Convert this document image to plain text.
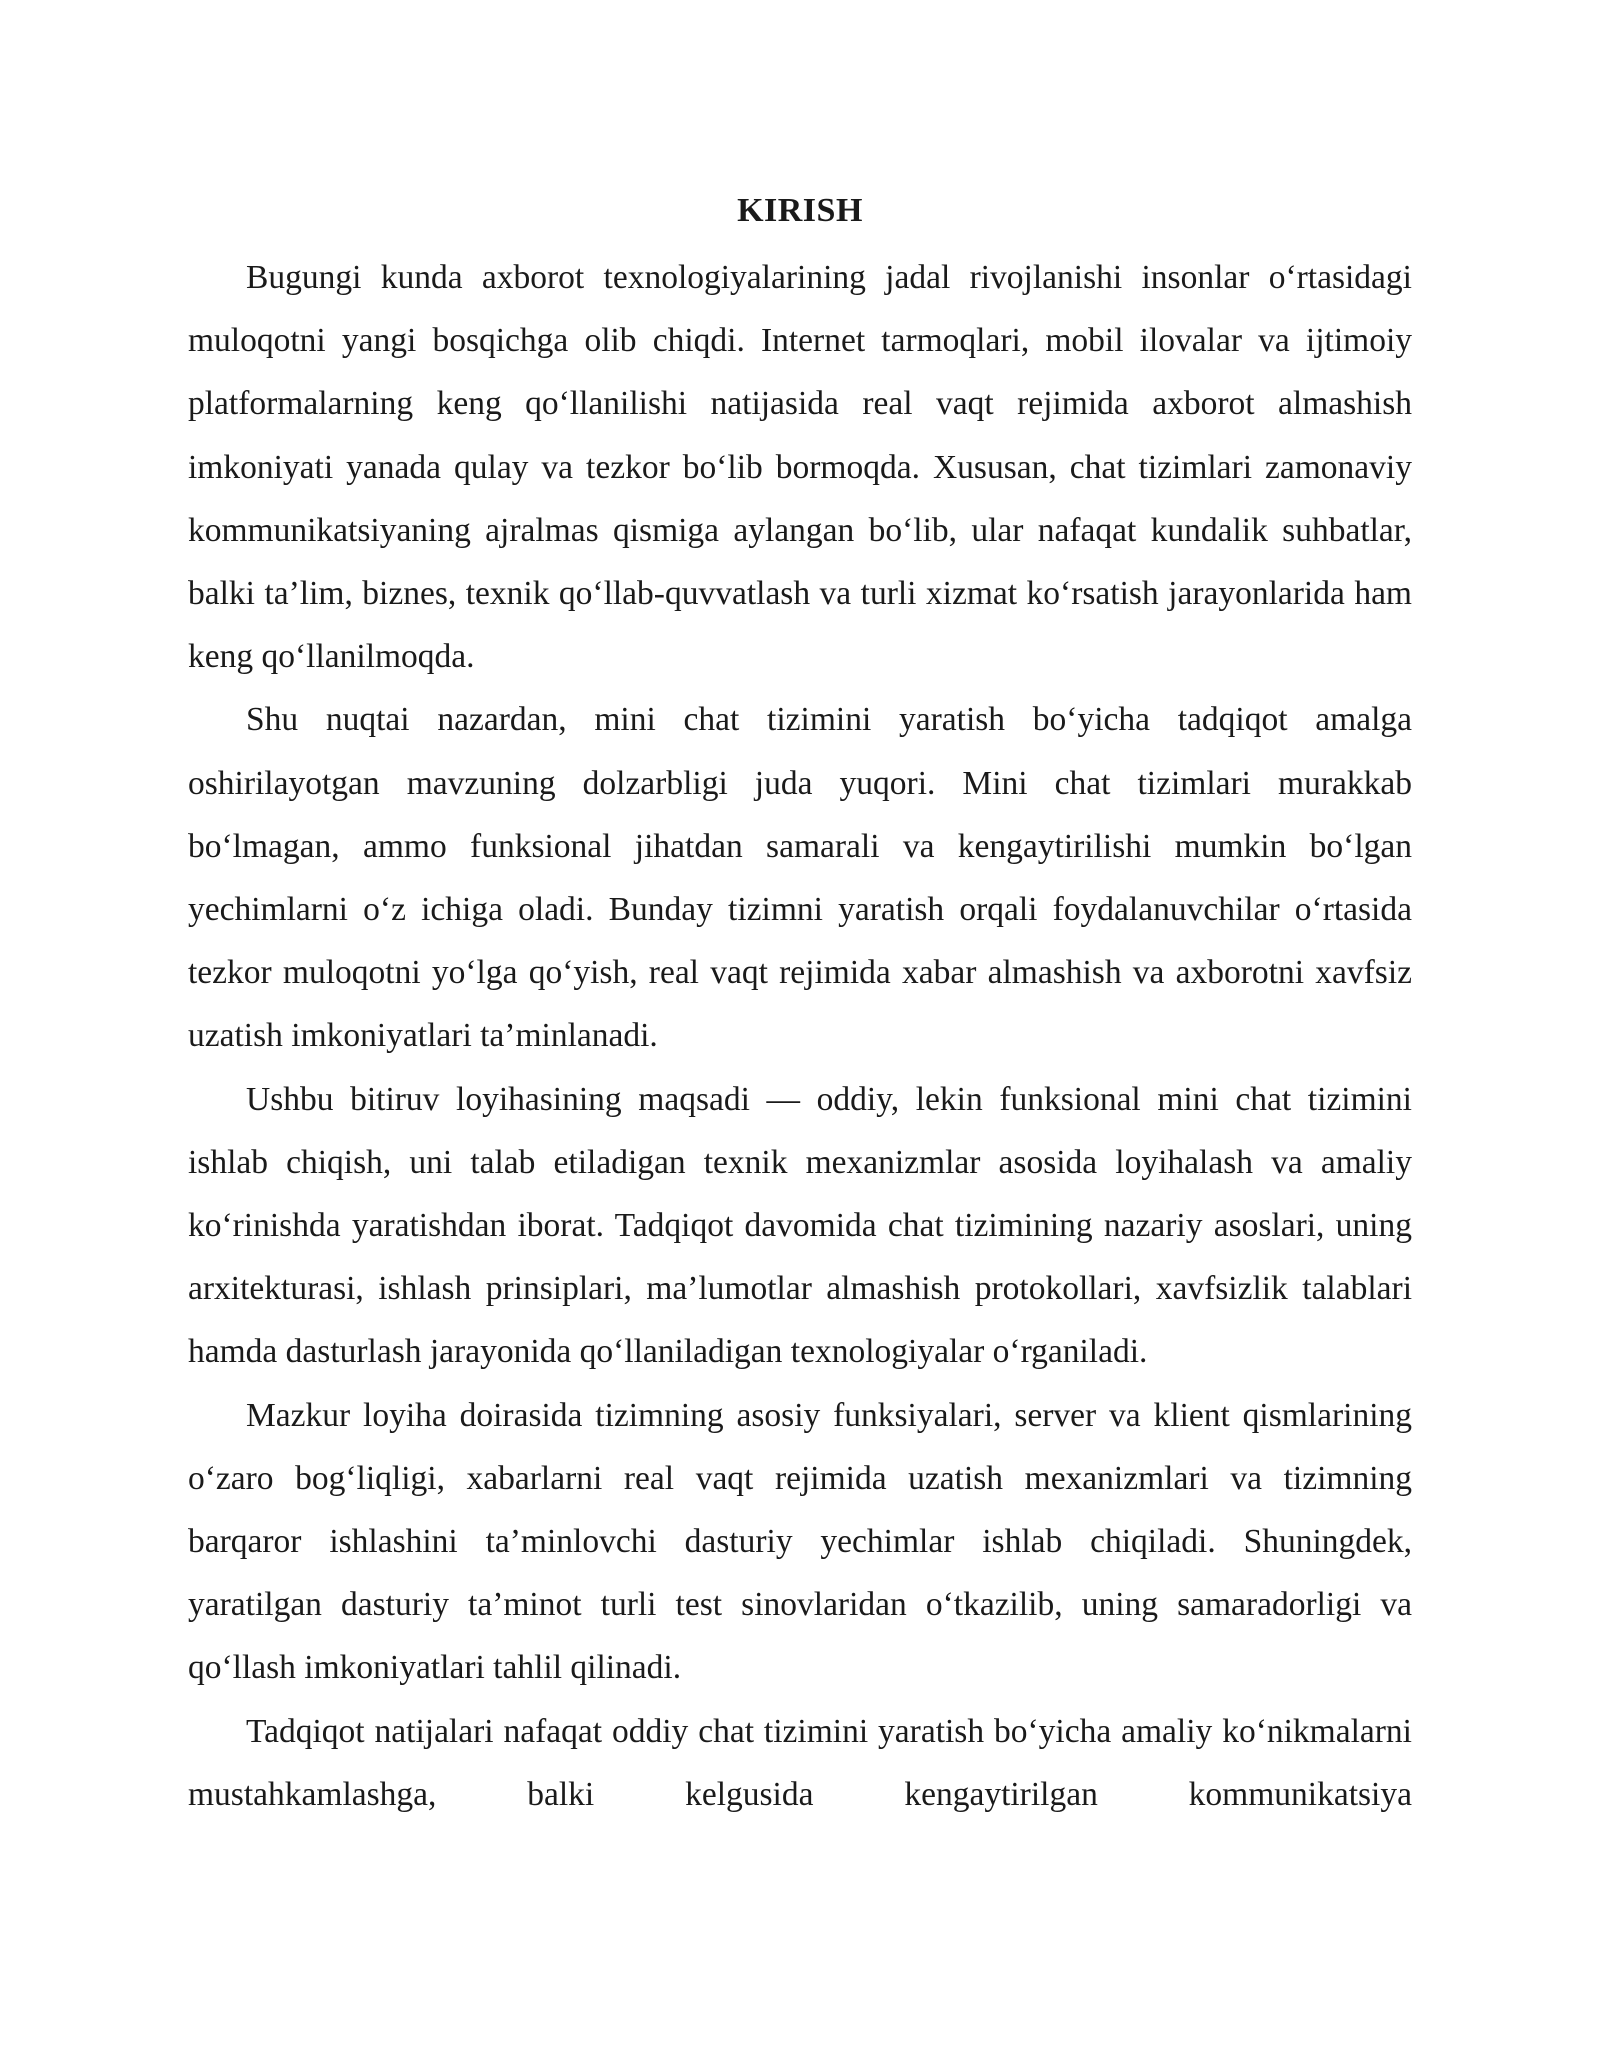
KIRISH

Bugungi kunda axborot texnologiyalarining jadal rivojlanishi insonlar o‘rtasidagi muloqotni yangi bosqichga olib chiqdi. Internet tarmoqlari, mobil ilovalar va ijtimoiy platformalarning keng qo‘llanilishi natijasida real vaqt rejimida axborot almashish imkoniyati yanada qulay va tezkor bo‘lib bormoqda. Xususan, chat tizimlari zamonaviy kommunikatsiyaning ajralmas qismiga aylangan bo‘lib, ular nafaqat kundalik suhbatlar, balki ta’lim, biznes, texnik qo‘llab-quvvatlash va turli xizmat ko‘rsatish jarayonlarida ham keng qo‘llanilmoqda.

Shu nuqtai nazardan, mini chat tizimini yaratish bo‘yicha tadqiqot amalga oshirilayotgan mavzuning dolzarbligi juda yuqori. Mini chat tizimlari murakkab bo‘lmagan, ammo funksional jihatdan samarali va kengaytirilishi mumkin bo‘lgan yechimlarni o‘z ichiga oladi. Bunday tizimni yaratish orqali foydalanuvchilar o‘rtasida tezkor muloqotni yo‘lga qo‘yish, real vaqt rejimida xabar almashish va axborotni xavfsiz uzatish imkoniyatlari ta’minlanadi.

Ushbu bitiruv loyihasining maqsadi — oddiy, lekin funksional mini chat tizimini ishlab chiqish, uni talab etiladigan texnik mexanizmlar asosida loyihalash va amaliy ko‘rinishda yaratishdan iborat. Tadqiqot davomida chat tizimining nazariy asoslari, uning arxitekturasi, ishlash prinsiplari, ma’lumotlar almashish protokollari, xavfsizlik talablari hamda dasturlash jarayonida qo‘llaniladigan texnologiyalar o‘rganiladi.

Mazkur loyiha doirasida tizimning asosiy funksiyalari, server va klient qismlarining o‘zaro bog‘liqligi, xabarlarni real vaqt rejimida uzatish mexanizmlari va tizimning barqaror ishlashini ta’minlovchi dasturiy yechimlar ishlab chiqiladi. Shuningdek, yaratilgan dasturiy ta’minot turli test sinovlaridan o‘tkazilib, uning samaradorligi va qo‘llash imkoniyatlari tahlil qilinadi.

Tadqiqot natijalari nafaqat oddiy chat tizimini yaratish bo‘yicha amaliy ko‘nikmalarni mustahkamlashga, balki kelgusida kengaytirilgan kommunikatsiya
